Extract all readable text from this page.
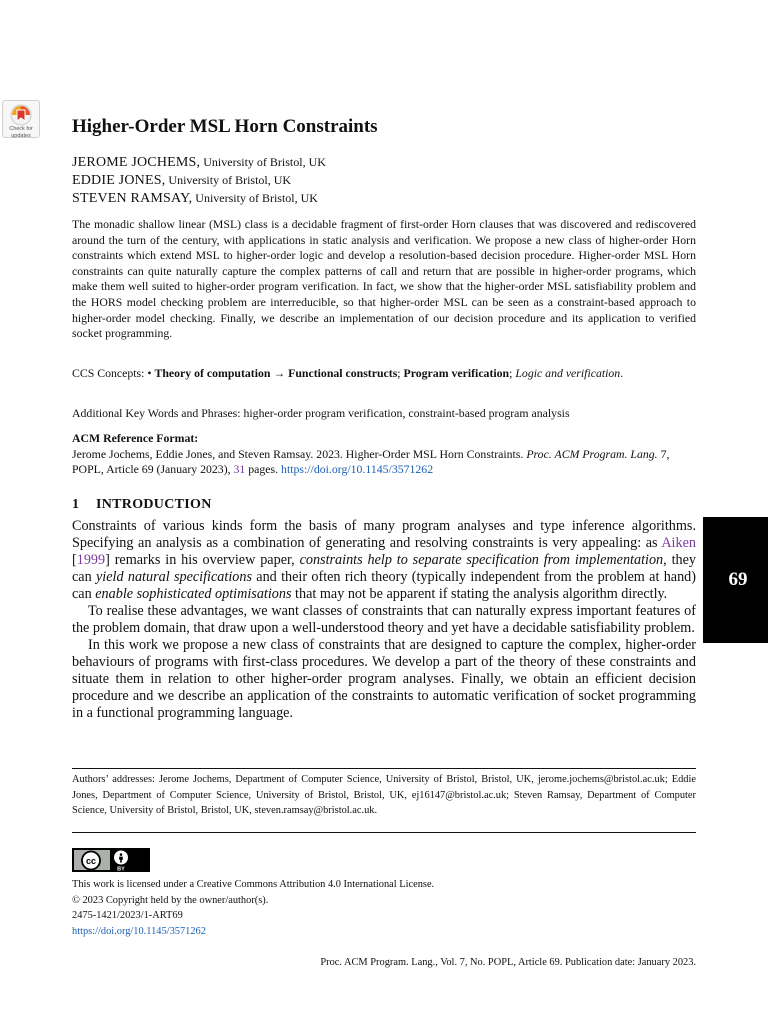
Check for
updates	Higher-Order MSL Horn Constraints
JEROME JOCHEMS, University of Bristol, UK
EDDIE JONES, University of Bristol, UK
STEVEN RAMSAY, University of Bristol, UK

The monadic shallow linear (MSL) class is a decidable fragment of first-order Horn clauses that was discovered and rediscovered around the turn of the century, with applications in static analysis and verification. We propose a new class of higher-order Horn constraints which extend MSL to higher-order logic and develop a resolution-based decision procedure. Higher-order MSL Horn constraints can quite naturally capture the complex patterns of call and return that are possible in higher-order programs, which make them well suited to higher-order program verification. In fact, we show that the higher-order MSL satisfiability problem and the HORS model checking problem are interreducible, so that higher-order MSL can be seen as a constraint-based approach to higher-order model checking. Finally, we describe an implementation of our decision procedure and its application to verified socket programming.

CCS Concepts: • Theory of computation → Functional constructs; Program verification; Logic and verification.

Additional Key Words and Phrases: higher-order program verification, constraint-based program analysis

ACM Reference Format:
Jerome Jochems, Eddie Jones, and Steven Ramsay. 2023. Higher-Order MSL Horn Constraints. Proc. ACM Program. Lang. 7, POPL, Article 69 (January 2023), 31 pages. https://doi.org/10.1145/3571262

1 INTRODUCTION

Constraints of various kinds form the basis of many program analyses and type inference algorithms. Specifying an analysis as a combination of generating and resolving constraints is very appealing: as Aiken [1999] remarks in his overview paper, constraints help to separate specification from implementation, they can yield natural specifications and their often rich theory (typically independent from the problem at hand) can enable sophisticated optimisations that may not be apparent if stating the analysis algorithm directly.

To realise these advantages, we want classes of constraints that can naturally express important features of the problem domain, that draw upon a well-understood theory and yet have a decidable satisfiability problem.

In this work we propose a new class of constraints that are designed to capture the complex, higher-order behaviours of programs with first-class procedures. We develop a part of the theory of these constraints and situate them in relation to other higher-order program analyses. Finally, we obtain an efficient decision procedure and we describe an application of the constraints to automatic verification of socket programming in a functional programming language.

69

Authors’ addresses: Jerome Jochems, Department of Computer Science, University of Bristol, Bristol, UK, jerome.jochems@bristol.ac.uk; Eddie Jones, Department of Computer Science, University of Bristol, Bristol, UK, ej16147@bristol.ac.uk; Steven Ramsay, Department of Computer Science, University of Bristol, Bristol, UK, steven.ramsay@bristol.ac.uk.

cc
BY
This work is licensed under a Creative Commons Attribution 4.0 International License.
© 2023 Copyright held by the owner/author(s).
2475-1421/2023/1-ART69
https://doi.org/10.1145/3571262

Proc. ACM Program. Lang., Vol. 7, No. POPL, Article 69. Publication date: January 2023.
